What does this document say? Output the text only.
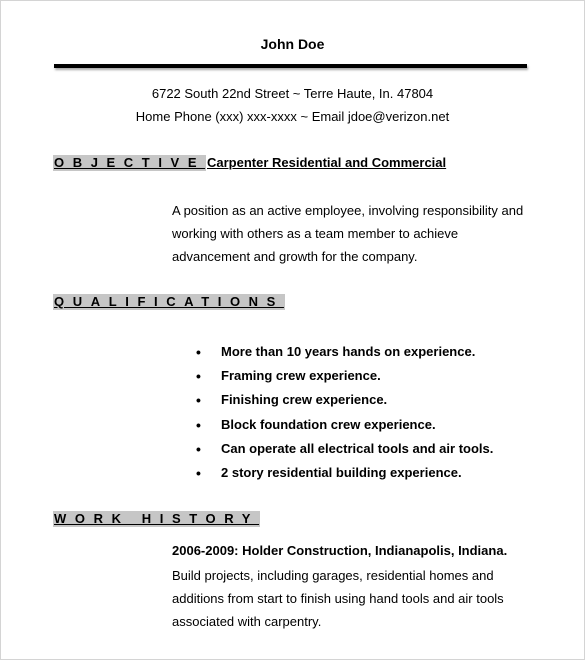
John Doe
6722 South 22nd Street ~ Terre Haute, In. 47804
Home Phone (xxx) xxx-xxxx ~ Email jdoe@verizon.net
OBJECTIVE Carpenter Residential and Commercial
A position as an active employee, involving responsibility and
working with others as a team member to achieve
advancement and growth for the company.
QUALIFICATIONS
•	More than 10 years hands on experience.
•	Framing crew experience.
•	Finishing crew experience.
•	Block foundation crew experience.
•	Can operate all electrical tools and air tools.
•	2 story residential building experience.
WORK HISTORY
2006-2009: Holder Construction, Indianapolis, Indiana.
Build projects, including garages, residential homes and
additions from start to finish using hand tools and air tools
associated with carpentry.
